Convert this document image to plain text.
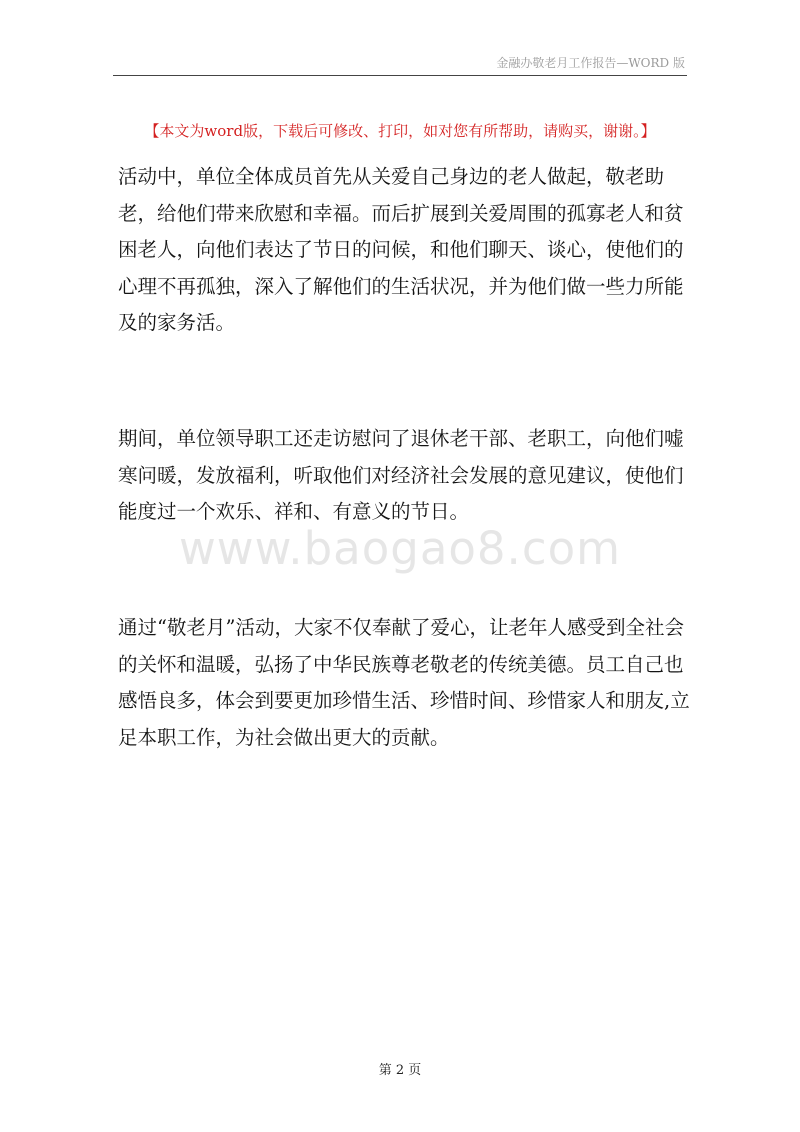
金融办敬老月工作报告—WORD 版
【本文为word版，下载后可修改、打印，如对您有所帮助，请购买，谢谢。】

活动中，单位全体成员首先从关爱自己身边的老人做起，敬老助老，给他们带来欣慰和幸福。而后扩展到关爱周围的孤寡老人和贫困老人，向他们表达了节日的问候，和他们聊天、谈心，使他们的心理不再孤独，深入了解他们的生活状况，并为他们做一些力所能及的家务活。

期间，单位领导职工还走访慰问了退休老干部、老职工，向他们嘘寒问暖，发放福利，听取他们对经济社会发展的意见建议，使他们能度过一个欢乐、祥和、有意义的节日。

通过“敬老月”活动，大家不仅奉献了爱心，让老年人感受到全社会的关怀和温暖，弘扬了中华民族尊老敬老的传统美德。员工自己也感悟良多，体会到要更加珍惜生活、珍惜时间、珍惜家人和朋友,立足本职工作，为社会做出更大的贡献。

www.baogao8.com
第 2 页
